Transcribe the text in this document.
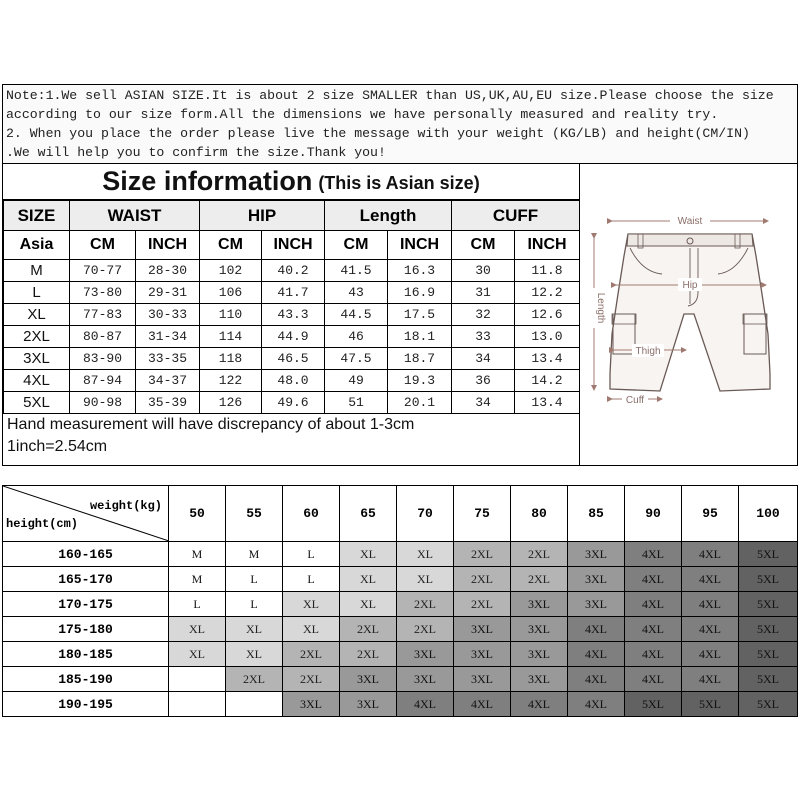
Note:1.We sell ASIAN SIZE.It is about 2 size SMALLER than US,UK,AU,EU size.Please choose the size
according to our size form.All the dimensions we have personally measured and reality try.
2. When you place the order please live the message with your weight (KG/LB) and height(CM/IN)
.We will help you to confirm the size.Thank you!
Size information (This is Asian size)
SIZE	WAIST		HIP		Length		CUFF	
Asia	CM	INCH	CM	INCH	CM	INCH	CM	INCH
M	70-77	28-30	102	40.2	41.5	16.3	30	11.8
L	73-80	29-31	106	41.7	43	16.9	31	12.2
XL	77-83	30-33	110	43.3	44.5	17.5	32	12.6
2XL	80-87	31-34	114	44.9	46	18.1	33	13.0
3XL	83-90	33-35	118	46.5	47.5	18.7	34	13.4
4XL	87-94	34-37	122	48.0	49	19.3	36	14.2
5XL	90-98	35-39	126	49.6	51	20.1	34	13.4
Hand measurement will have discrepancy of about 1-3cm
1inch=2.54cm
Waist
Hip
Length
Thigh
Cuff
weight(kg)
height(cm)	50	55	60	65	70	75	80	85	90	95	100
160-165	M	M	L	XL	XL	2XL	2XL	3XL	4XL	4XL	5XL
165-170	M	L	L	XL	XL	2XL	2XL	3XL	4XL	4XL	5XL
170-175	L	L	XL	XL	2XL	2XL	3XL	3XL	4XL	4XL	5XL
175-180	XL	XL	XL	2XL	2XL	3XL	3XL	4XL	4XL	4XL	5XL
180-185	XL	XL	2XL	2XL	3XL	3XL	3XL	4XL	4XL	4XL	5XL
185-190		2XL	2XL	3XL	3XL	3XL	3XL	4XL	4XL	4XL	5XL
190-195			3XL	3XL	4XL	4XL	4XL	4XL	5XL	5XL	5XL
